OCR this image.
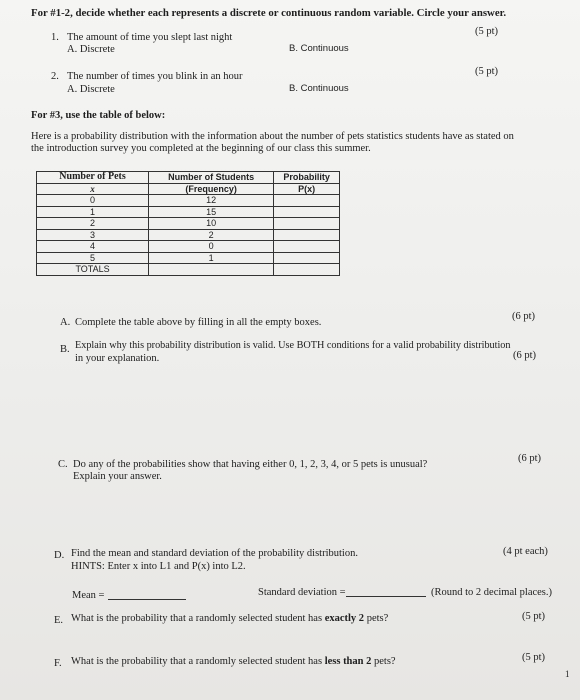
For #1-2, decide whether each represents a discrete or continuous random variable. Circle your answer.
1. The amount of time you slept last night
A. Discrete	B. Continuous
(5 pt)
2. The number of times you blink in an hour
A. Discrete	B. Continuous
(5 pt)
For #3, use the table of below:
Here is a probability distribution with the information about the number of pets statistics students have as stated on
the introduction survey you completed at the beginning of our class this summer.
Number of Pets	Number of Students	Probability
x	(Frequency)	P(x)
0	12	
1	15	
2	10	
3	2	
4	0	
5	1	
TOTALS		
A. Complete the table above by filling in all the empty boxes.
(6 pt)
B. Explain why this probability distribution is valid. Use BOTH conditions for a valid probability distribution
in your explanation.	(6 pt)
C. Do any of the probabilities show that having either 0, 1, 2, 3, 4, or 5 pets is unusual?
Explain your answer.
(6 pt)
D. Find the mean and standard deviation of the probability distribution.
HINTS: Enter x into L1 and P(x) into L2.
(4 pt each)
Mean =	Standard deviation =	(Round to 2 decimal places.)
E. What is the probability that a randomly selected student has exactly 2 pets?	(5 pt)
F. What is the probability that a randomly selected student has less than 2 pets?	(5 pt)
1
